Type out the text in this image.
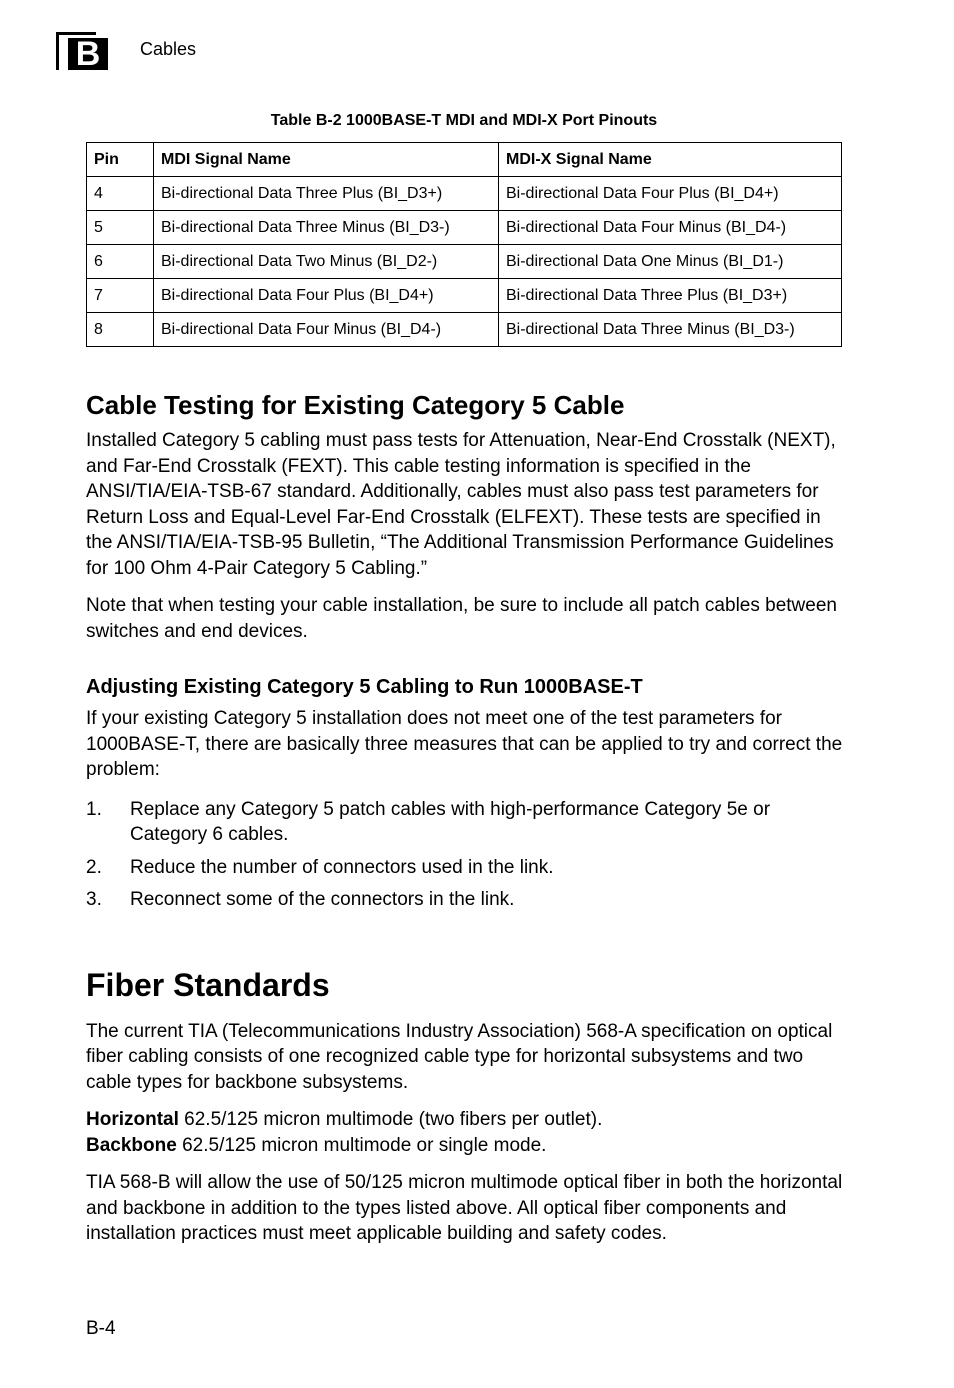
B	Cables
Table B-2 1000BASE-T MDI and MDI-X Port Pinouts
Pin	MDI Signal Name	MDI-X Signal Name
4	Bi-directional Data Three Plus (BI_D3+)	Bi-directional Data Four Plus (BI_D4+)
5	Bi-directional Data Three Minus (BI_D3-)	Bi-directional Data Four Minus (BI_D4-)
6	Bi-directional Data Two Minus (BI_D2-)	Bi-directional Data One Minus (BI_D1-)
7	Bi-directional Data Four Plus (BI_D4+)	Bi-directional Data Three Plus (BI_D3+)
8	Bi-directional Data Four Minus (BI_D4-)	Bi-directional Data Three Minus (BI_D3-)
Cable Testing for Existing Category 5 Cable

Installed Category 5 cabling must pass tests for Attenuation, Near-End Crosstalk (NEXT), and Far-End Crosstalk (FEXT). This cable testing information is specified in the ANSI/TIA/EIA-TSB-67 standard. Additionally, cables must also pass test parameters for Return Loss and Equal-Level Far-End Crosstalk (ELFEXT). These tests are specified in the ANSI/TIA/EIA-TSB-95 Bulletin, “The Additional Transmission Performance Guidelines for 100 Ohm 4-Pair Category 5 Cabling.”

Note that when testing your cable installation, be sure to include all patch cables between switches and end devices.

Adjusting Existing Category 5 Cabling to Run 1000BASE-T

If your existing Category 5 installation does not meet one of the test parameters for 1000BASE-T, there are basically three measures that can be applied to try and correct the problem:

1. Replace any Category 5 patch cables with high-performance Category 5e or Category 6 cables.
2. Reduce the number of connectors used in the link.
3. Reconnect some of the connectors in the link.
Fiber Standards

The current TIA (Telecommunications Industry Association) 568-A specification on optical fiber cabling consists of one recognized cable type for horizontal subsystems and two cable types for backbone subsystems.

Horizontal 62.5/125 micron multimode (two fibers per outlet).
Backbone 62.5/125 micron multimode or single mode.

TIA 568-B will allow the use of 50/125 micron multimode optical fiber in both the horizontal and backbone in addition to the types listed above. All optical fiber components and installation practices must meet applicable building and safety codes.

B-4
